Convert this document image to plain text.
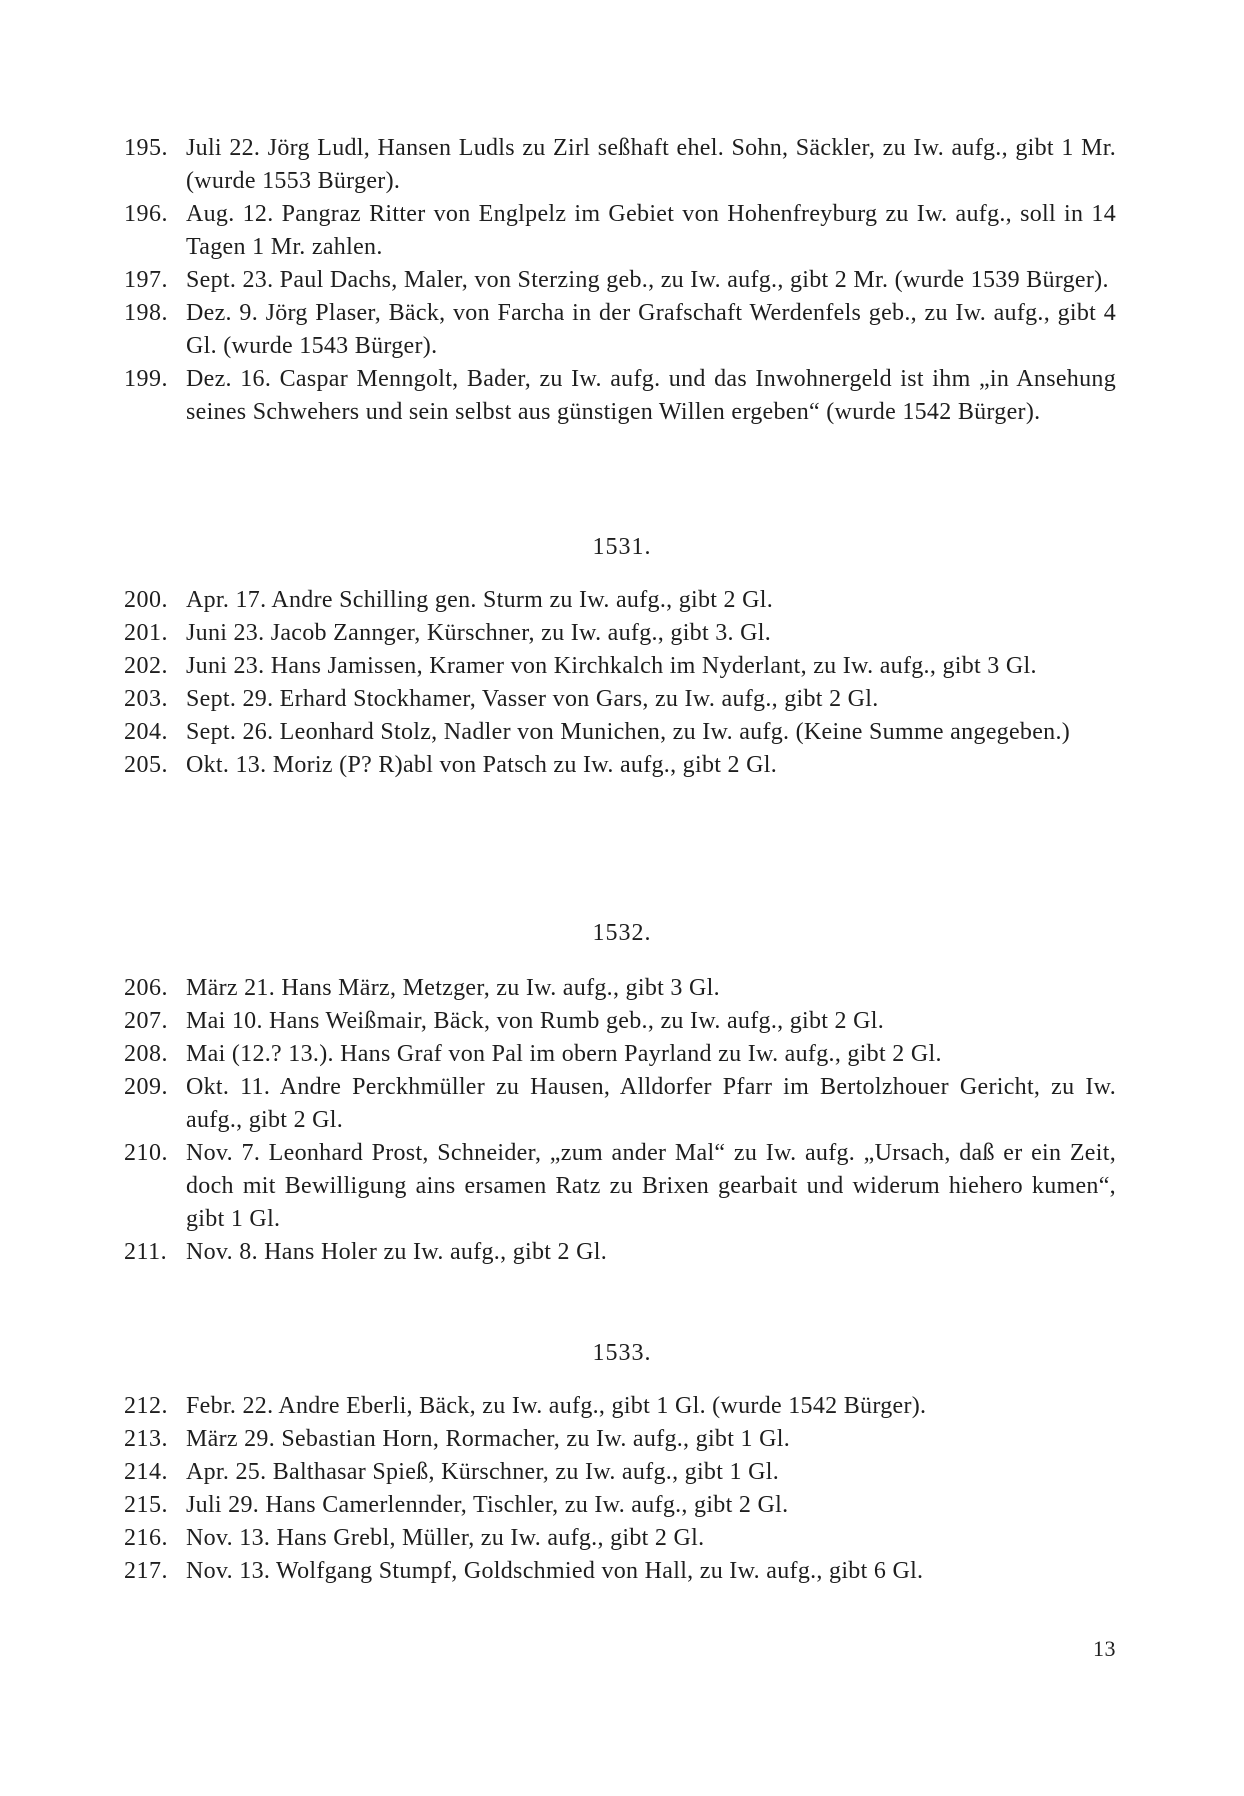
195. Juli 22. Jörg Ludl, Hansen Ludls zu Zirl seßhaft ehel. Sohn, Säckler, zu Iw. aufg., gibt 1 Mr. (wurde 1553 Bürger).
196. Aug. 12. Pangraz Ritter von Englpelz im Gebiet von Hohenfreyburg zu Iw. aufg., soll in 14 Tagen 1 Mr. zahlen.
197. Sept. 23. Paul Dachs, Maler, von Sterzing geb., zu Iw. aufg., gibt 2 Mr. (wurde 1539 Bürger).
198. Dez. 9. Jörg Plaser, Bäck, von Farcha in der Grafschaft Werdenfels geb., zu Iw. aufg., gibt 4 Gl. (wurde 1543 Bürger).
199. Dez. 16. Caspar Menngolt, Bader, zu Iw. aufg. und das Inwohnergeld ist ihm „in Ansehung seines Schwehers und sein selbst aus günstigen Willen ergeben“ (wurde 1542 Bürger).
1531.
200. Apr. 17. Andre Schilling gen. Sturm zu Iw. aufg., gibt 2 Gl.
201. Juni 23. Jacob Zannger, Kürschner, zu Iw. aufg., gibt 3. Gl.
202. Juni 23. Hans Jamissen, Kramer von Kirchkalch im Nyderlant, zu Iw. aufg., gibt 3 Gl.
203. Sept. 29. Erhard Stockhamer, Vasser von Gars, zu Iw. aufg., gibt 2 Gl.
204. Sept. 26. Leonhard Stolz, Nadler von Munichen, zu Iw. aufg. (Keine Summe angegeben.)
205. Okt. 13. Moriz (P? R)abl von Patsch zu Iw. aufg., gibt 2 Gl.
1532.
206. März 21. Hans März, Metzger, zu Iw. aufg., gibt 3 Gl.
207. Mai 10. Hans Weißmair, Bäck, von Rumb geb., zu Iw. aufg., gibt 2 Gl.
208. Mai (12.? 13.). Hans Graf von Pal im obern Payrland zu Iw. aufg., gibt 2 Gl.
209. Okt. 11. Andre Perckhmüller zu Hausen, Alldorfer Pfarr im Bertolzhouer Gericht, zu Iw. aufg., gibt 2 Gl.
210. Nov. 7. Leonhard Prost, Schneider, „zum ander Mal“ zu Iw. aufg. „Ursach, daß er ein Zeit, doch mit Bewilligung ains ersamen Ratz zu Brixen gearbait und widerum hiehero kumen“, gibt 1 Gl.
211. Nov. 8. Hans Holer zu Iw. aufg., gibt 2 Gl.
1533.
212. Febr. 22. Andre Eberli, Bäck, zu Iw. aufg., gibt 1 Gl. (wurde 1542 Bürger).
213. März 29. Sebastian Horn, Rormacher, zu Iw. aufg., gibt 1 Gl.
214. Apr. 25. Balthasar Spieß, Kürschner, zu Iw. aufg., gibt 1 Gl.
215. Juli 29. Hans Camerlennder, Tischler, zu Iw. aufg., gibt 2 Gl.
216. Nov. 13. Hans Grebl, Müller, zu Iw. aufg., gibt 2 Gl.
217. Nov. 13. Wolfgang Stumpf, Goldschmied von Hall, zu Iw. aufg., gibt 6 Gl.
13
